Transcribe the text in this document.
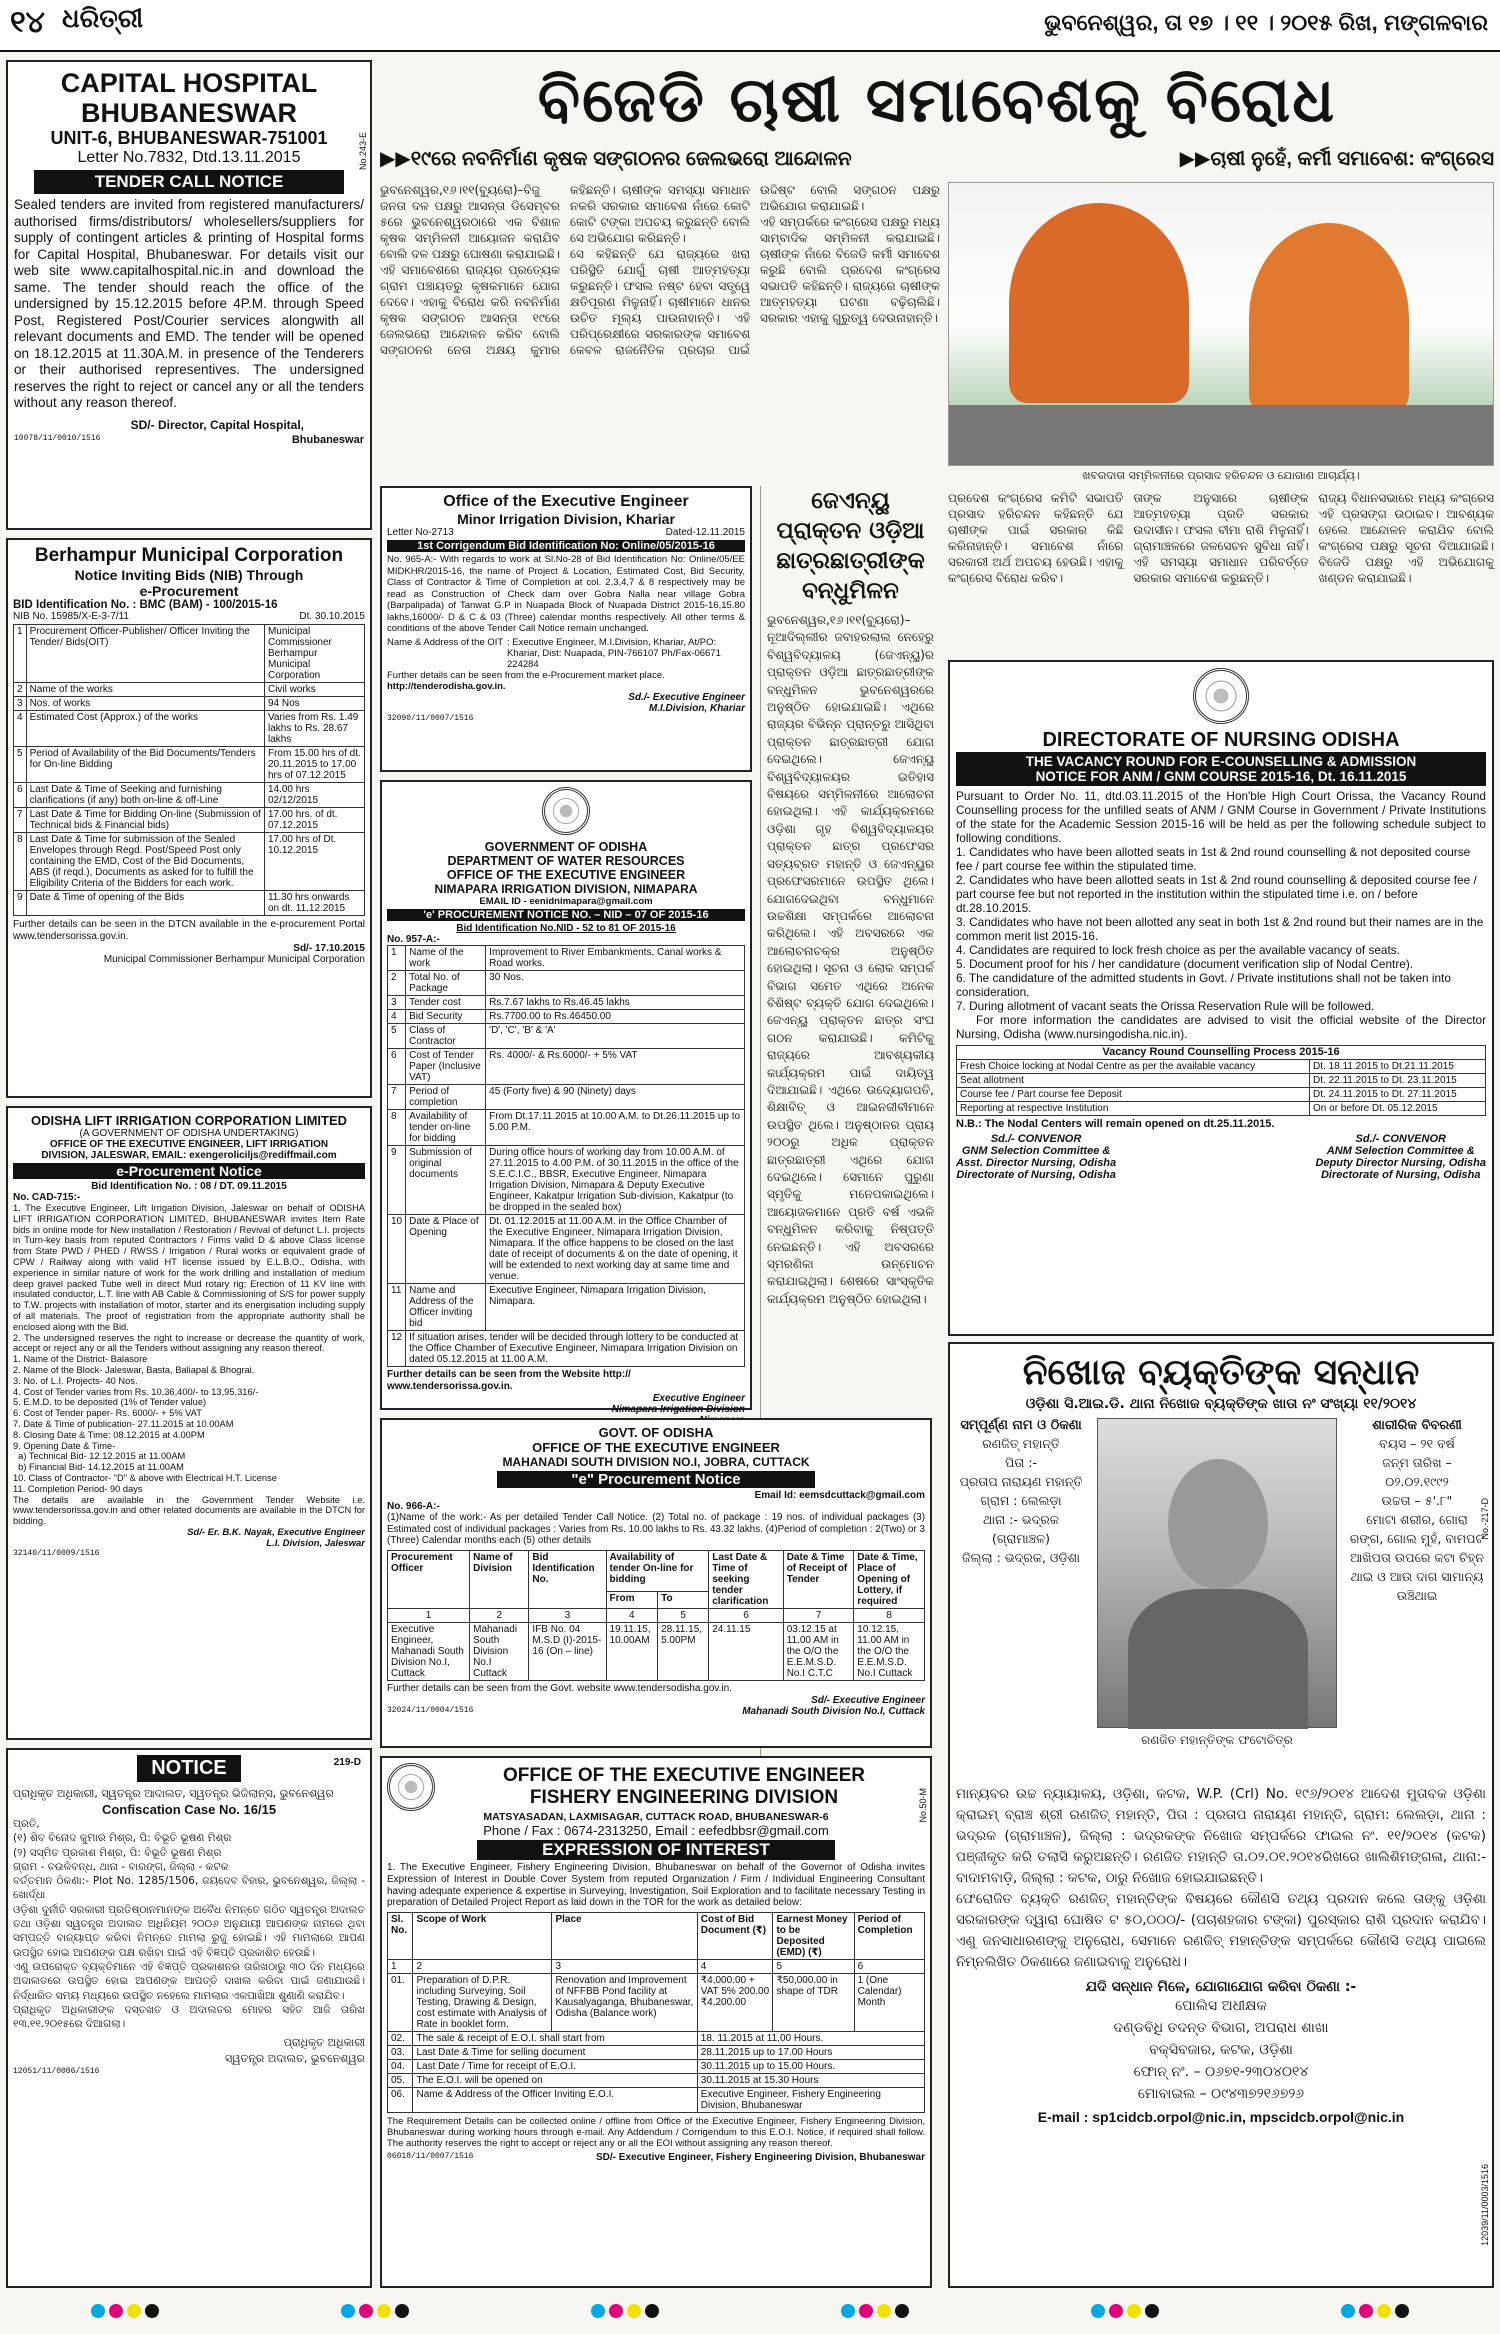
୧୪ ଧରିତ୍ରୀ	ଭୁବନେଶ୍ୱର, ତା ୧୭ । ୧୧ । ୨୦୧୫ ରିଖ, ମଙ୍ଗଳବାର
CAPITAL HOSPITAL
BHUBANESWAR
UNIT-6, BHUBANESWAR-751001
Letter No.7832, Dtd.13.11.2015
TENDER CALL NOTICE
Sealed tenders are invited from registered manufacturers/ authorised firms/distributors/ wholesellers/suppliers for supply of contingent articles & printing of Hospital forms for Capital Hospital, Bhubaneswar. For details visit our web site www.capitalhospital.nic.in and download the same. The tender should reach the office of the undersigned by 15.12.2015 before 4P.M. through Speed Post, Registered Post/Courier services alongwith all relevant documents and EMD. The tender will be opened on 18.12.2015 at 11.30A.M. in presence of the Tenderers or their authorised representives. The undersigned reserves the right to reject or cancel any or all the tenders without any reason thereof.
SD/- Director, Capital Hospital,
10078/11/0010/1516	Bhubaneswar
No.243-E
Berhampur Municipal Corporation
Notice Inviting Bids (NIB) Through
e-Procurement
BID Identification No. : BMC (BAM) - 100/2015-16
NIB No. 15985/X-E-3-7/11	Dt. 30.10.2015
1	Procurement Officer-Publisher/ Officer Inviting the Tender/ Bids(OIT)	Municipal Commissioner Berhampur Municipal Corporation
2	Name of the works	Civil works
3	Nos. of works	94 Nos
4	Estimated Cost (Approx.) of the works	Varies from Rs. 1.49 lakhs to Rs. 28.67 lakhs
5	Period of Availability of the Bid Documents/Tenders for On-line Bidding	From 15.00 hrs of dt. 20.11.2015 to 17.00 hrs of 07.12.2015
6	Last Date & Time of Seeking and furnishing clarifications (if any) both on-line & off-Line	14.00 hrs 02/12/2015
7	Last Date & Time for Bidding On-line (Submission of Technical bids & Financial bids)	17.00 hrs. of dt. 07.12.2015
8	Last Date & Time for submission of the Sealed Envelopes through Regd. Post/Speed Post only containing the EMD, Cost of the Bid Documents, ABS (if reqd.), Documents as asked for to fulfill the Eligibility Criteria of the Bidders for each work.	17.00 hrs of Dt. 10.12.2015
9	Date & Time of opening of the Bids	11.30 hrs onwards on dt. 11.12.2015
Further details can be seen in the DTCN available in the e-procurement Portal www.tendersorissa.gov.in.
Sd/- 17.10.2015
Municipal Commissioner Berhampur Municipal Corporation
ODISHA LIFT IRRIGATION CORPORATION LIMITED
(A GOVERNMENT OF ODISHA UNDERTAKING)
OFFICE OF THE EXECUTIVE ENGINEER, LIFT IRRIGATION
DIVISION, JALESWAR, EMAIL: exengeroliciljs@rediffmail.com
e-Procurement Notice
Bid Identification No. : 08 / DT. 09.11.2015
No. CAD-715:-
1. The Executive Engineer, Lift Irrigation Division, Jaleswar on behalf of ODISHA LIFT IRRIGATION CORPORATION LIMITED, BHUBANESWAR invites Item Rate bids in online mode for New installation / Restoration / Revival of defunct L.I. projects in Turn-key basis from reputed Contractors / Firms valid D & above Class license from State PWD / PHED / RWSS / Irrigation / Rural works or equivalent grade of CPW / Railway along with valid HT license issued by E.L.B.O., Odisha, with experience in similar nature of work for the work drilling and installation of medium deep gravel packed Tube well in direct Mud rotary rig; Erection of 11 KV line with insulated conductor, L.T. line with AB Cable & Commissioning of S/S for power supply to T.W. projects with installation of motor, starter and its energisation including supply of all materials. The proof of registration from the appropriate authority shall be enclosed along with the Bid.
2. The undersigned reserves the right to increase or decrease the quantity of work, accept or reject any or all the Tenders without assigning any reason thereof.
1. Name of the District- Balasore
2. Name of the Block- Jaleswar, Basta, Baliapal & Bhograi.
3. No. of L.I. Projects- 40 Nos.
4. Cost of Tender varies from Rs. 10,36,400/- to 13,95,316/-
5. E.M.D. to be deposited (1% of Tender value)
6. Cost of Tender paper- Rs. 6000/- + 5% VAT
7. Date & Time of publication- 27.11.2015 at 10.00AM
8. Closing Date & Time: 08.12.2015 at 4.00PM
9. Opening Date & Time-
a) Technical Bid- 12.12.2015 at 11.00AM
b) Financial Bid- 14.12.2015 at 11.00AM
10. Class of Contractor- "D" & above with Electrical H.T. License
11. Completion Period- 90 days
The details are available in the Government Tender Website i.e. www.tendersorissa.gov.in and other related documents are available in the DTCN for bidding.
Sd/- Er. B.K. Nayak, Executive Engineer
L.I. Division, Jaleswar
32140/11/0009/1516
NOTICE	219-D
ପ୍ରାଧିକୃତ ଅଧିକାରୀ, ସ୍ୱତନ୍ତ୍ର ଆଦାଲତ, ସ୍ୱତନ୍ତ୍ର ଭିଜିଲାନ୍ସ, ଭୁବନେଶ୍ୱର
Confiscation Case No. 16/15
ପ୍ରତି,
(୧) ଶିବ ବିନୋଦ କୁମାର ମିଶ୍ର, ପି: ବିଭୂତି ଭୂଷଣ ମିଶ୍ର
(୨) ସସ୍ମିତ ପ୍ରକାଶ ମିଶ୍ର, ପି: ବିଭୂତି ଭୂଷଣ ମିଶ୍ର
ଗ୍ରାମ - ବଉଳିବନ୍ଧ, ଥାନା - ବାରଙ୍ଗ, ଜିଲ୍ଲା - କଟକ
ବର୍ତ୍ତମାନ ଠିକଣା:- Plot No. 1285/1506, ଜୟଦେବ ବିହାର, ଭୁବନେଶ୍ୱର, ଜିଲ୍ଲା - ଖୋର୍ଦ୍ଧା
ଓଡ଼ିଶା ଦୁର୍ନୀତି ସରକାରୀ ପ୍ରତିଷ୍ଠାନମାନଙ୍କ ଅବୈଧ ନିମନ୍ତେ ଗଠିତ ସ୍ୱତନ୍ତ୍ର ଅଦାଲତ ତଥା ଓଡ଼ିଶା ସ୍ୱତନ୍ତ୍ର ଅଦାଲତ ଅଧିନିୟମ ୨୦୦୬ ଅନୁଯାୟୀ ଆପଣଙ୍କ ନାମରେ ଥିବା ସମ୍ପତ୍ତି ବାଜ୍ୟାପ୍ତ କରିବା ନିମନ୍ତେ ମାମଲା ରୁଜୁ ହୋଇଛି। ଏହି ମାମଲାରେ ଆପଣ ଉପସ୍ଥିତ ହୋଇ ଆପଣଙ୍କ ପକ୍ଷ ରଖିବା ପାଇଁ ଏହି ବିଜ୍ଞପ୍ତି ପ୍ରକାଶିତ ହେଉଛି।
ଏଣୁ ଉପରୋକ୍ତ ବ୍ୟକ୍ତିମାନେ ଏହି ବିଜ୍ଞପ୍ତି ପ୍ରକାଶନର ତାରିଖଠାରୁ ୩୦ ଦିନ ମଧ୍ୟରେ ଅଦାଲତରେ ଉପସ୍ଥିତ ହୋଇ ଆପଣଙ୍କ ଆପତ୍ତି ଦାଖଲ କରିବା ପାଇଁ ଜଣାଯାଉଛି। ନିର୍ଦ୍ଧାରିତ ସମୟ ମଧ୍ୟରେ ଉପସ୍ଥିତ ନହେଲେ ମାମଲାର ଏକପାଖିଆ ଶୁଣାଣି କରାଯିବ।
ପ୍ରାଧିକୃତ ଅଧିକାରୀଙ୍କ ଦସ୍ତଖତ ଓ ଅଦାଲତର ମୋହର ସହିତ ଆଜି ତାରିଖ ୧୩.୧୧.୨୦୧୫ରେ ଦିଆଗଲା।
ପ୍ରାଧିକୃତ ଅଧିକାରୀ
ସ୍ୱତନ୍ତ୍ର ଅଦାଲତ, ଭୁବନେଶ୍ୱର
12051/11/0006/1516
ବିଜେଡି ଚାଷୀ ସମାବେଶକୁ ବିରୋଧ
▶▶୧୯ରେ ନବନିର୍ମାଣ କୃଷକ ସଙ୍ଗଠନର ଜେଲଭରୋ ଆନ୍ଦୋଳନ	▶▶ଚାଷୀ ନୁହେଁ, କର୍ମୀ ସମାବେଶ: କଂଗ୍ରେସ

ଭୁବନେଶ୍ୱର,୧୬।୧୧(ବ୍ୟୁରୋ)–ବିଜୁ ଜନତା ଦଳ ପକ୍ଷରୁ ଆସନ୍ତା ଡିସେମ୍ବର ୫ରେ ଭୁବନେଶ୍ୱରଠାରେ ଏକ ବିଶାଳ କୃଷକ ସମ୍ମିଳନୀ ଆୟୋଜନ କରାଯିବ ବୋଲି ଦଳ ପକ୍ଷରୁ ଘୋଷଣା କରାଯାଇଛି। ଏହି ସମାବେଶରେ ରାଜ୍ୟର ପ୍ରତ୍ୟେକ ଗ୍ରାମ ପଞ୍ଚାୟତରୁ କୃଷକମାନେ ଯୋଗ ଦେବେ। ଏହାକୁ ବିରୋଧ କରି ନବନିର୍ମାଣ କୃଷକ ସଙ୍ଗଠନ ଆସନ୍ତା ୧୯ରେ ଜେଲଭରୋ ଆନ୍ଦୋଳନ କରିବ ବୋଲି ସଙ୍ଗଠନର ନେତା ଅକ୍ଷୟ କୁମାର କହିଛନ୍ତି। ଚାଷୀଙ୍କ ସମସ୍ୟା ସମାଧାନ ନକରି ସରକାର ସମାବେଶ ନାଁରେ କୋଟି କୋଟି ଟଙ୍କା ଅପଚୟ କରୁଛନ୍ତି ବୋଲି ସେ ଅଭିଯୋଗ କରିଛନ୍ତି।

ସେ କହିଛନ୍ତି ଯେ ରାଜ୍ୟରେ ଖରା ପରିସ୍ଥିତି ଯୋଗୁଁ ଚାଷୀ ଆତ୍ମହତ୍ୟା କରୁଛନ୍ତି। ଫସଲ ନଷ୍ଟ ହେବା ସତ୍ତ୍ୱେ କ୍ଷତିପୂରଣ ମିଳୁନାହିଁ। ଚାଷୀମାନେ ଧାନର ଉଚିତ ମୂଲ୍ୟ ପାଉନାହାନ୍ତି। ଏହି ପରିପ୍ରେକ୍ଷୀରେ ସରକାରଙ୍କ ସମାବେଶ କେବଳ ରାଜନୈତିକ ପ୍ରଚାର ପାଇଁ ଉଦ୍ଦିଷ୍ଟ ବୋଲି ସଙ୍ଗଠନ ପକ୍ଷରୁ ଅଭିଯୋଗ କରାଯାଇଛି।

ଏହି ସମ୍ପର୍କରେ କଂଗ୍ରେସ ପକ୍ଷରୁ ମଧ୍ୟ ସାମ୍ବାଦିକ ସମ୍ମିଳନୀ କରାଯାଇଛି। ଚାଷୀଙ୍କ ନାଁରେ ବିଜେଡି କର୍ମୀ ସମାବେଶ କରୁଛି ବୋଲି ପ୍ରଦେଶ କଂଗ୍ରେସ ସଭାପତି କହିଛନ୍ତି। ରାଜ୍ୟରେ ଚାଷୀଙ୍କ ଆତ୍ମହତ୍ୟା ଘଟଣା ବଢ଼ିଚାଲିଛି। ସରକାର ଏହାକୁ ଗୁରୁତ୍ୱ ଦେଉନାହାନ୍ତି।

ଖବରଦାତା ସମ୍ମିଳନୀରେ ପ୍ରସାଦ ହରିଚନ୍ଦନ ଓ ଯୋଗାଣ ଆଚାର୍ଯ୍ୟ।

ପ୍ରଦେଶ କଂଗ୍ରେସ କମିଟି ସଭାପତି ପ୍ରସାଦ ହରିଚନ୍ଦନ କହିଛନ୍ତି ଯେ ଚାଷୀଙ୍କ ପାଇଁ ସରକାର କିଛି କରିନାହାନ୍ତି। ସମାବେଶ ନାଁରେ ସରକାରୀ ଅର୍ଥ ଅପଚୟ ହେଉଛି। ଏହାକୁ କଂଗ୍ରେସ ବିରୋଧ କରିବ।

ତାଙ୍କ ଅନୁସାରେ ଚାଷୀଙ୍କ ଆତ୍ମହତ୍ୟା ପ୍ରତି ସରକାର ଉଦାସୀନ। ଫସଲ ବୀମା ରାଶି ମିଳୁନାହିଁ। ଗ୍ରାମାଞ୍ଚଳରେ ଜଳସେଚନ ସୁବିଧା ନାହିଁ। ଏହି ସମସ୍ୟା ସମାଧାନ ପରିବର୍ତ୍ତେ ସରକାର ସମାବେଶ କରୁଛନ୍ତି।

ରାଜ୍ୟ ବିଧାନସଭାରେ ମଧ୍ୟ କଂଗ୍ରେସ ଏହି ପ୍ରସଙ୍ଗ ଉଠାଇବ। ଆବଶ୍ୟକ ହେଲେ ଆନ୍ଦୋଳନ କରାଯିବ ବୋଲି କଂଗ୍ରେସ ପକ୍ଷରୁ ସୂଚନା ଦିଆଯାଇଛି। ବିଜେଡି ପକ୍ଷରୁ ଏହି ଅଭିଯୋଗକୁ ଖଣ୍ଡନ କରାଯାଇଛି।

Office of the Executive Engineer
Minor Irrigation Division, Khariar
Letter No-2713	Dated-12.11.2015
1st Corrigendum Bid Identification No: Online/05/2015-16
No. 965-A:- With regards to work at Sl.No-28 of Bid Identification No: Online/05/EE MIDKHR/2015-16, the name of Project & Location, Estimated Cost, Bid Security, Class of Contractor & Time of Completion at col. 2,3,4,7 & 8 respectively may be read as Construction of Check dam over Gobra Nalla near village Gobra (Barpalipada) of Tanwat G.P in Nuapada Block of Nuapada District 2015-16,15.80 lakhs,16000/- D & C & 03 (Three) calendar months respectively. All other terms & conditions of the above Tender Call Notice remain unchanged.
Name & Address of the OIT : Executive Engineer, M.I.Division, Khariar, At/PO: Khariar, Dist: Nuapada, PIN-766107 Ph/Fax-06671 224284
Further details can be seen from the e-Procurement market place.
http://tenderodisha.gov.in.
Sd./- Executive Engineer
M.I.Division, Khariar
32090/11/0007/1516
ଜେଏନ୍‌ୟୁ ପ୍ରାକ୍ତନ ଓଡ଼ିଆ ଛାତ୍ରଛାତ୍ରୀଙ୍କ ବନ୍ଧୁମିଳନ

ଭୁବନେଶ୍ୱର,୧୬।୧୧(ବ୍ୟୁରୋ)–ନୂଆଦିଲ୍ଲୀର ଜବାହରଲାଲ ନେହେରୁ ବିଶ୍ୱବିଦ୍ୟାଳୟ (ଜେଏନ୍‌ୟୁ)ର ପ୍ରାକ୍ତନ ଓଡ଼ିଆ ଛାତ୍ରଛାତ୍ରୀଙ୍କ ବନ୍ଧୁମିଳନ ଭୁବନେଶ୍ୱରରେ ଅନୁଷ୍ଠିତ ହୋଇଯାଇଛି। ଏଥିରେ ରାଜ୍ୟର ବିଭିନ୍ନ ପ୍ରାନ୍ତରୁ ଆସିଥିବା ପ୍ରାକ୍ତନ ଛାତ୍ରଛାତ୍ରୀ ଯୋଗ ଦେଇଥିଲେ। ଜେଏନ୍‌ୟୁ ବିଶ୍ୱବିଦ୍ୟାଳୟର ଇତିହାସ ବିଷୟରେ ସମ୍ମିଳନୀରେ ଆଲୋଚନା ହୋଇଥିଲା। ଏହି କାର୍ଯ୍ୟକ୍ରମରେ ଓଡ଼ିଶା ଗୃହ ବିଶ୍ୱବିଦ୍ୟାଳୟର ପ୍ରାକ୍ତନ ଛାତ୍ର ପ୍ରଫେସର ସତ୍ୟବ୍ରତ ମହାନ୍ତି ଓ ଜେଏନ୍‌ୟୁର ପ୍ରଫେସରମାନେ ଉପସ୍ଥିତ ଥିଲେ। ଯୋଗଦେଇଥିବା ବନ୍ଧୁମାନେ ଉଚ୍ଚଶିକ୍ଷା ସମ୍ପର୍କରେ ଆଲୋଚନା କରିଥିଲେ। ଏହି ଅବସରରେ ଏକ ଆଲୋଚନାଚକ୍ର ଅନୁଷ୍ଠିତ ହୋଇଥିଲା। ସୂଚନା ଓ ଲୋକ ସମ୍ପର୍କ ବିଭାଗ ସମେତ ଏଥିରେ ଅନେକ ବିଶିଷ୍ଟ ବ୍ୟକ୍ତି ଯୋଗ ଦେଇଥିଲେ। ଜେଏନ୍‌ୟୁ ପ୍ରାକ୍ତନ ଛାତ୍ର ସଂଘ ଗଠନ କରାଯାଇଛି। କମିଟିକୁ ରାଜ୍ୟରେ ଆବଶ୍ୟକୀୟ କାର୍ଯ୍ୟକ୍ରମ ପାଇଁ ଦାୟିତ୍ୱ ଦିଆଯାଇଛି। ଏଥିରେ ଉଦ୍ୟୋଗପତି, ଶିକ୍ଷାବିତ୍ ଓ ଆଇନଜୀବୀମାନେ ଉପସ୍ଥିତ ଥିଲେ। ଅନୁଷ୍ଠାନର ପ୍ରାୟ ୨୦୦ରୁ ଅଧିକ ପ୍ରାକ୍ତନ ଛାତ୍ରଛାତ୍ରୀ ଏଥିରେ ଯୋଗ ଦେଇଥିଲେ। ସେମାନେ ପୁରୁଣା ସ୍ମୃତିକୁ ମନେପକାଇଥିଲେ। ଆୟୋଜକମାନେ ପ୍ରତି ବର୍ଷ ଏଭଳି ବନ୍ଧୁମିଳନ କରିବାକୁ ନିଷ୍ପତ୍ତି ନେଇଛନ୍ତି। ଏହି ଅବସରରେ ସ୍ମରଣିକା ଉନ୍ମୋଚନ କରାଯାଇଥିଲା। ଶେଷରେ ସାଂସ୍କୃତିକ କାର୍ଯ୍ୟକ୍ରମ ଅନୁଷ୍ଠିତ ହୋଇଥିଲା।

GOVERNMENT OF ODISHA
DEPARTMENT OF WATER RESOURCES
OFFICE OF THE EXECUTIVE ENGINEER
NIMAPARA IRRIGATION DIVISION, NIMAPARA
EMAIL ID - eenidnimapara@gmail.com
'e' PROCUREMENT NOTICE NO. – NID – 07 OF 2015-16
Bid Identification No.NID - 52 to 81 OF 2015-16
No. 957-A:-
1	Name of the work	Improvement to River Embankments, Canal works & Road works.
2	Total No. of Package	30 Nos.
3	Tender cost	Rs.7.67 lakhs to Rs.46.45 lakhs
4	Bid Security	Rs.7700.00 to Rs.46450.00
5	Class of Contractor	'D', 'C', 'B' & 'A'
6	Cost of Tender Paper (Inclusive VAT)	Rs. 4000/- & Rs.6000/- + 5% VAT
7	Period of completion	45 (Forty five) & 90 (Ninety) days
8	Availability of tender on-line for bidding	From Dt.17.11.2015 at 10.00 A.M. to Dt.26.11.2015 up to 5.00 P.M.
9	Submission of original documents	During office hours of working day from 10.00 A.M. of 27.11.2015 to 4.00 P.M. of 30.11.2015 in the office of the S.E.C.I.C., BBSR, Executive Engineer, Nimapara Irrigation Division, Nimapara & Deputy Executive Engineer, Kakatpur Irrigation Sub-division, Kakatpur (to be dropped in the sealed box)
10	Date & Place of Opening	Dt. 01.12.2015 at 11.00 A.M. in the Office Chamber of the Executive Engineer, Nimapara Irrigation Division, Nimapara. If the office happens to be closed on the last date of receipt of documents & on the date of opening, it will be extended to next working day at same time and venue.
11	Name and Address of the Officer inviting bid	Executive Engineer, Nimapara Irrigation Division, Nimapara.
12	If situation arises, tender will be decided through lottery to be conducted at the Office Chamber of Executive Engineer, Nimapara Irrigation Division on dated 05.12.2015 at 11.00 A.M.	
Further details can be seen from the Website http:// www.tendersorissa.gov.in.
Executive Engineer
Nimapara Irrigation Division
GOVT. OF ODISHA
OFFICE OF THE EXECUTIVE ENGINEER
MAHANADI SOUTH DIVISION NO.I, JOBRA, CUTTACK
"e" Procurement Notice
Email Id: eemsdcuttack@gmail.com
No. 966-A:-
(1)Name of the work:- As per detailed Tender Call Notice. (2) Total no. of package : 19 nos. of individual packages (3) Estimated cost of individual packages : Varies from Rs. 10.00 lakhs to Rs. 43.32 lakhs. (4)Period of completion : 2(Two) or 3 (Three) Calendar months each (5) other details
Procurement Officer	Name of Division	Bid Identification No.	Availability of tender On-line for bidding		Last Date & Time of seeking tender clarification	Date & Time of Receipt of Tender	Date & Time, Place of Opening of Lottery, if required
			From	To			
1	2	3	4	5	6	7	8
Executive Engineer, Mahanadi South Division No.I, Cuttack	Mahanadi South Division No.I Cuttack	IFB No. 04 M.S.D (I)-2015-16 (On – line)	19.11.15, 10.00AM	28.11.15, 5.00PM	24.11.15	03.12.15 at 11.00 AM in the O/O the E.E.M.S.D. No.I C.T.C	10.12.15, 11.00 AM in the O/O the E.E.M.S.D. No.I Cuttack
Further details can be seen from the Govt. website www.tendersodisha.gov.in.
Sd/- Executive Engineer
32024/11/0004/1516	Mahanadi South Division No.I, Cuttack
OFFICE OF THE EXECUTIVE ENGINEER
FISHERY ENGINEERING DIVISION
MATSYASADAN, LAXMISAGAR, CUTTACK ROAD, BHUBANESWAR-6
Phone / Fax : 0674-2313250, Email : eefedbbsr@gmail.com
EXPRESSION OF INTEREST
1. The Executive Engineer, Fishery Engineering Division, Bhubaneswar on behalf of the Governor of Odisha invites Expression of Interest in Double Cover System from reputed Organization / Firm / Individual Engineering Consultant having adequate experience & expertise in Surveying, Investigation, Soil Exploration and to facilitate necessary Testing in preparation of Detailed Project Report as laid down in the TOR for the work as detailed below:
Sl. No.	Scope of Work	Place	Cost of Bid Document (₹)	Earnest Money to be Deposited (EMD) (₹)	Period of Completion
1	2	3	4	5	6
01.	Preparation of D.P.R. including Surveying, Soil Testing, Drawing & Design, cost estimate with Analysis of Rate in booklet form.	Renovation and Improvement of NFFBB Pond facility at Kausalyaganga, Bhubaneswar, Odisha (Balance work)	₹4,000.00 + VAT 5% 200.00 ₹4,200.00	₹50,000.00 in shape of TDR	1 (One Calendar) Month
02.	The sale & receipt of E.O.I. shall start from		18. 11.2015 at 11.00 Hours.		
03.	Last Date & Time for selling document		28.11.2015 up to 17.00 Hours		
04.	Last Date / Time for receipt of E.O.I.		30.11.2015 up to 15.00 Hours.		
05.	The E.O.I. will be opened on		30.11.2015 at 15.30 Hours		
06.	Name & Address of the Officer Inviting E.O.I.		Executive Engineer, Fishery Engineering Division, Bhubaneswar		
The Requirement Details can be collected online / offline from Office of the Executive Engineer, Fishery Engineering Division, Bhubaneswar during working hours through e-mail. Any Addendum / Corrigendum to this E.O.I. Notice, if required shall follow. The authority reserves the right to accept or reject any or all the EOI without assigning any reason thereof.
06018/11/0007/1516	SD/- Executive Engineer, Fishery Engineering Division, Bhubaneswar
No.50-M
DIRECTORATE OF NURSING ODISHA
THE VACANCY ROUND FOR E-COUNSELLING & ADMISSION
NOTICE FOR ANM / GNM COURSE 2015-16, Dt. 16.11.2015
Pursuant to Order No. 11, dtd.03.11.2015 of the Hon'ble High Court Orissa, the Vacancy Round Counselling process for the unfilled seats of ANM / GNM Course in Government / Private Institutions of the state for the Academic Session 2015-16 will be held as per the following schedule subject to following conditions.
1. Candidates who have been allotted seats in 1st & 2nd round counselling & not deposited course fee / part course fee within the stipulated time.
2. Candidates who have been allotted seats in 1st & 2nd round counselling & deposited course fee / part course fee but not reported in the institution within the stipulated time i.e. on / before dt.28.10.2015.
3. Candidates who have not been allotted any seat in both 1st & 2nd round but their names are in the common merit list 2015-16.
4. Candidates are required to lock fresh choice as per the available vacancy of seats.
5. Document proof for his / her candidature (document verification slip of Nodal Centre).
6. The candidature of the admitted students in Govt. / Private institutions shall not be taken into consideration.
7. During allotment of vacant seats the Orissa Reservation Rule will be followed.
For more information the candidates are advised to visit the official website of the Director Nursing, Odisha (www.nursingodisha.nic.in).
Vacancy Round Counselling Process 2015-16	
Fresh Choice locking at Nodal Centre as per the available vacancy	Dt. 18.11.2015 to Dt.21.11.2015
Seat allotment	Dt. 22.11.2015 to Dt. 23.11.2015
Course fee / Part course fee Deposit	Dt. 24.11.2015 to Dt. 27.11.2015
Reporting at respective Institution	On or before Dt. 05.12.2015
N.B.: The Nodal Centers will remain opened on dt.25.11.2015.
Sd./- CONVENOR
GNM Selection Committee &
Asst. Director Nursing, Odisha
Directorate of Nursing, Odisha
Sd./- CONVENOR
ANM Selection Committee &
Deputy Director Nursing, Odisha
Directorate of Nursing, Odisha
ନିଖୋଜ ବ୍ୟକ୍ତିଙ୍କ ସନ୍ଧାନ
ଓଡ଼ିଶା ସି.ଆଇ.ଡି. ଥାନା ନିଖୋଜ ବ୍ୟକ୍ତିଙ୍କ ଖାତା ନଂ ସଂଖ୍ୟା ୧୧/୨୦୧୪
ସମ୍ପୂର୍ଣ୍ଣ ନାମ ଓ ଠିକଣା
ରଣଜିତ୍ ମହାନ୍ତି
ପିତା :-
ପ୍ରତାପ ନାରାୟଣ ମହାନ୍ତି
ଗ୍ରାମ : ଲେଲଡ଼ା
ଥାନା :- ଭଦ୍ରକ (ଗ୍ରାମାଞ୍ଚଳ)
ଜିଲ୍ଲା : ଭଦ୍ରକ, ଓଡ଼ିଶା
ରଣଜିତ ମହାନ୍ତିଙ୍କ ଫଟୋଚିତ୍ର
ଶାରୀରିକ ବିବରଣୀ
ବୟସ – ୨୧ ବର୍ଷ
ଜନ୍ମ ତାରିଖ –
୦୨.୦୨.୧୯୯୨
ଉଚ୍ଚତା – ୫'.୮"
ମୋଟା ଶରୀର, ଗୋରା ରଙ୍ଗ, ଗୋଲ ମୁହଁ, ବାମପଟ ଆଖିପତା ଉପରେ କଟା ଚିହ୍ନ ଥାଇ ଓ ଆଉ ଦାଗ ସାମାନ୍ୟ ଉଞ୍ଚିଥାଇ
No.-217-D
ମାନ୍ୟବର ଉଚ୍ଚ ନ୍ୟାୟାଳୟ, ଓଡ଼ିଶା, କଟକ, W.P. (Crl) No. ୧୯୬/୨୦୧୪ ଆଦେଶ ମୁତାବକ ଓଡ଼ିଶା କ୍ରାଇମ୍ ବ୍ରାଞ୍ଚ ଶ୍ରୀ ରଣଜିତ୍ ମହାନ୍ତି, ପିତା : ପ୍ରତାପ ନାରାୟଣ ମହାନ୍ତି, ଗ୍ରାମ: ଲେଲଡ଼ା, ଥାନା : ଭଦ୍ରକ (ଗ୍ରାମାଞ୍ଚଳ), ଜିଲ୍ଲା : ଭଦ୍ରକଙ୍କ ନିଖୋଜ ସମ୍ପର୍କରେ ଫାଇଲ ନଂ. ୧୧/୨୦୧୪ (କଟକ) ପଞ୍ଜୀକୃତ କରି ତଲାସି କରୁଅଛନ୍ତି। ରଣଜିତ ମହାନ୍ତି ତା.୦୨.୦୧.୨୦୧୪ରିଖରେ ଖାଲିଶିମଙ୍ଗଳା, ଥାନା:- ବାଦାମବାଡ଼ି, ଜିଲ୍ଲା : କଟକ, ଠାରୁ ନିଖୋଜ ହୋଇଯାଇଛନ୍ତି।
ଫେରୋଜିତ ବ୍ୟକ୍ତି ରଣଜିତ୍ ମହାନ୍ତିଙ୍କ ବିଷୟରେ କୌଣସି ତଥ୍ୟ ପ୍ରଦାନ କଲେ ତାଙ୍କୁ ଓଡ଼ିଶା ସରକାରଙ୍କ ଦ୍ୱାରା ଘୋଷିତ ଟ ୫୦,୦୦୦/- (ପଚାଶହଜାର ଟଙ୍କା) ପୁରସ୍କାର ରାଶି ପ୍ରଦାନ କରାଯିବ। ଏଣୁ ଜନସାଧାରଣଙ୍କୁ ଅନୁରୋଧ, ସେମାନେ ରଣଜିତ୍ ମହାନ୍ତିଙ୍କ ସମ୍ପର୍କରେ କୌଣସି ତଥ୍ୟ ପାଇଲେ ନିମ୍ନଲିଖିତ ଠିକଣାରେ ଜଣାଇବାକୁ ଅନୁରୋଧ।
ଯଦି ସନ୍ଧାନ ମିଳେ, ଯୋଗାଯୋଗ କରିବା ଠିକଣା :-
ପୋଲିସ ଅଧୀକ୍ଷକ
ଦଣ୍ଡବିଧି ତଦନ୍ତ ବିଭାଗ, ଅପରାଧ ଶାଖା
ବକ୍ସିବଜାର, କଟକ, ଓଡ଼ିଶା
ଫୋନ୍ ନଂ. – ୦୬୭୧-୨୩୦୪୦୧୪
ମୋବାଇଲ – ୦୯୪୩୭୨୧୬୭୨୬
E-mail : sp1cidcb.orpol@nic.in, mpscidcb.orpol@nic.in
12039/11/0003/1516
